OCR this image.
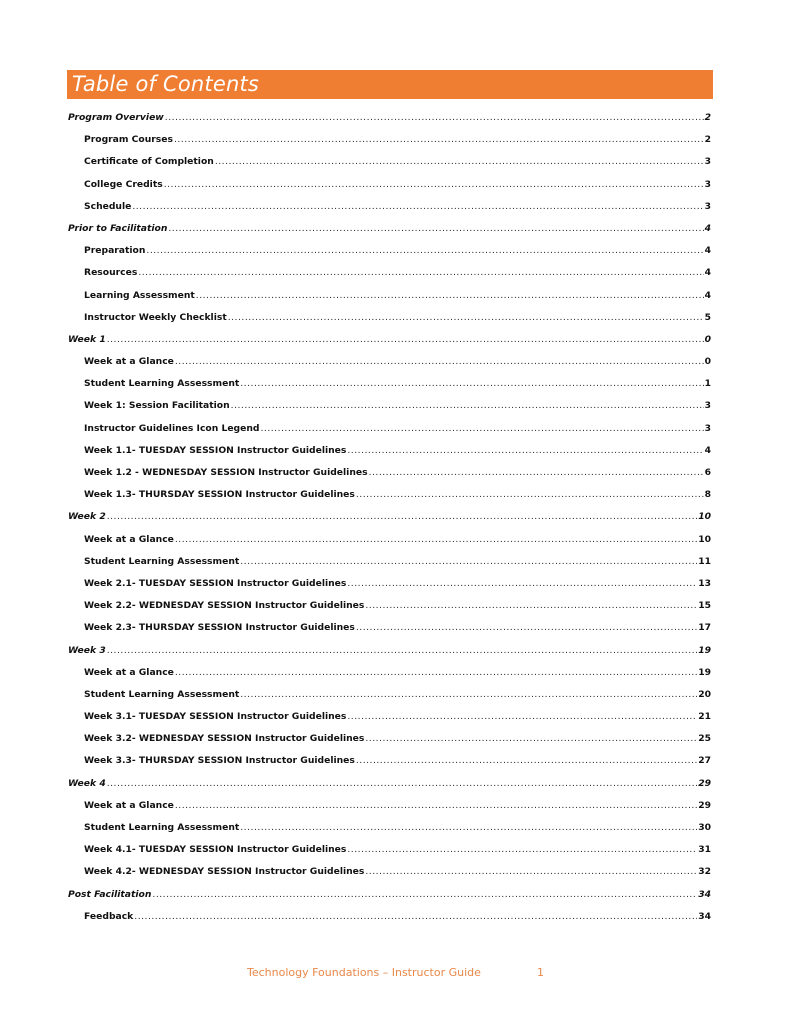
Table of Contents
Program Overview .....	2
Program Courses .....	2
Certificate of Completion .....	3
College Credits .....	3
Schedule .....	3
Prior to Facilitation .....	4
Preparation .....	4
Resources .....	4
Learning Assessment .....	4
Instructor Weekly Checklist .....	5
Week 1 .....	0
Week at a Glance .....	0
Student Learning Assessment .....	1
Week 1: Session Facilitation .....	3
Instructor Guidelines Icon Legend .....	3
Week 1.1- TUESDAY SESSION Instructor Guidelines .....	4
Week 1.2 - WEDNESDAY SESSION Instructor Guidelines .....	6
Week 1.3- THURSDAY SESSION Instructor Guidelines .....	8
Week 2 .....	10
Week at a Glance .....	10
Student Learning Assessment .....	11
Week 2.1- TUESDAY SESSION Instructor Guidelines .....	13
Week 2.2- WEDNESDAY SESSION Instructor Guidelines .....	15
Week 2.3- THURSDAY SESSION Instructor Guidelines .....	17
Week 3 .....	19
Week at a Glance .....	19
Student Learning Assessment .....	20
Week 3.1- TUESDAY SESSION Instructor Guidelines .....	21
Week 3.2- WEDNESDAY SESSION Instructor Guidelines .....	25
Week 3.3- THURSDAY SESSION Instructor Guidelines .....	27
Week 4 .....	29
Week at a Glance .....	29
Student Learning Assessment .....	30
Week 4.1- TUESDAY SESSION Instructor Guidelines .....	31
Week 4.2- WEDNESDAY SESSION Instructor Guidelines .....	32
Post Facilitation .....	34
Feedback .....	34
Technology Foundations – Instructor Guide	1
